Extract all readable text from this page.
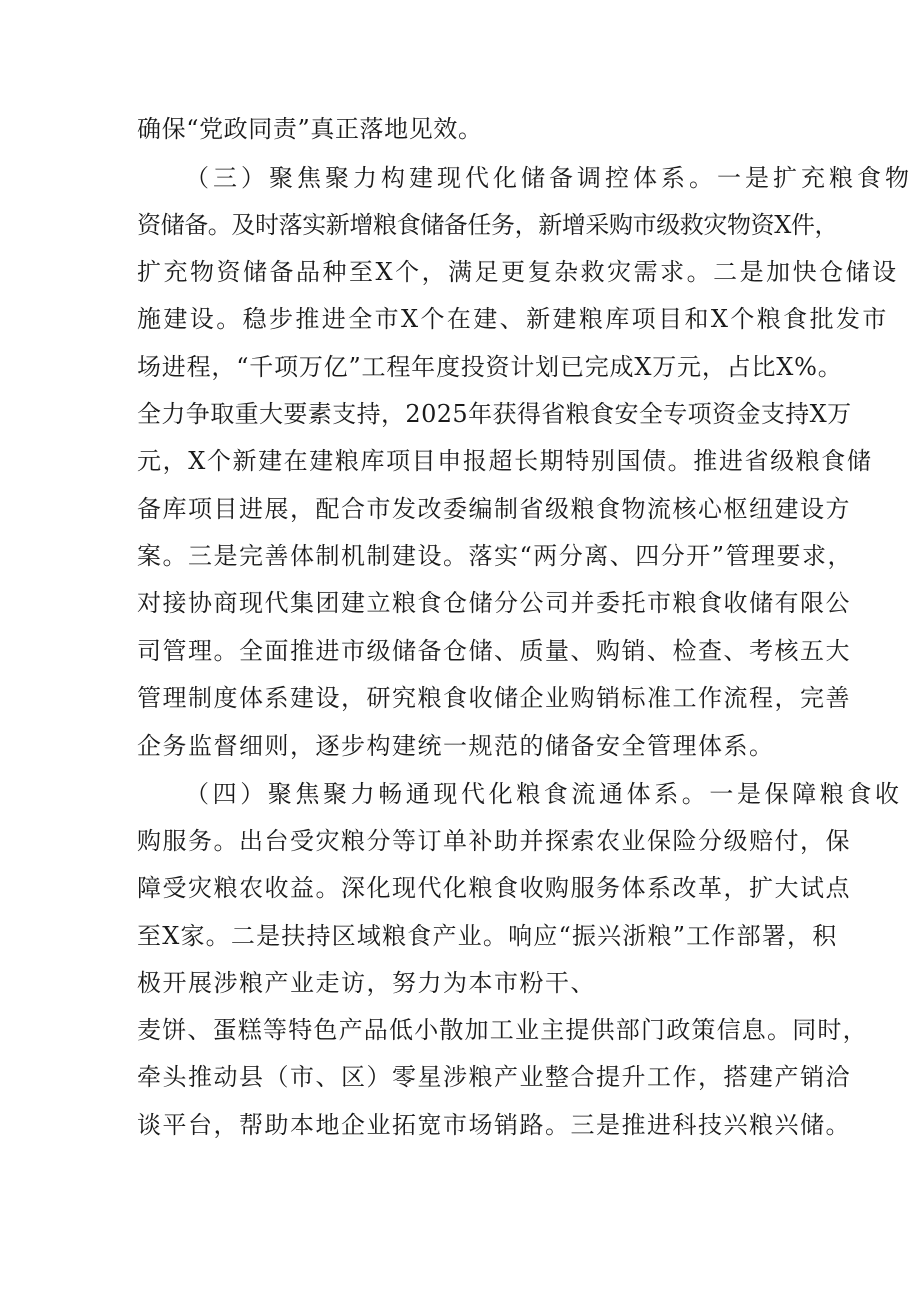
确保“党政同责”真正落地见效。

（三）聚焦聚力构建现代化储备调控体系。一是扩充粮食物

资储备。及时落实新增粮食储备任务，新增采购市级救灾物资X件，

扩充物资储备品种至X个，满足更复杂救灾需求。二是加快仓储设

施建设。稳步推进全市X个在建、新建粮库项目和X个粮食批发市

场进程，“千项万亿”工程年度投资计划已完成X万元，占比X%。

全力争取重大要素支持，2025年获得省粮食安全专项资金支持X万

元，X个新建在建粮库项目申报超长期特别国债。推进省级粮食储

备库项目进展，配合市发改委编制省级粮食物流核心枢纽建设方

案。三是完善体制机制建设。落实“两分离、四分开”管理要求，

对接协商现代集团建立粮食仓储分公司并委托市粮食收储有限公

司管理。全面推进市级储备仓储、质量、购销、检查、考核五大

管理制度体系建设，研究粮食收储企业购销标准工作流程，完善

企务监督细则，逐步构建统一规范的储备安全管理体系。

（四）聚焦聚力畅通现代化粮食流通体系。一是保障粮食收

购服务。出台受灾粮分等订单补助并探索农业保险分级赔付，保

障受灾粮农收益。深化现代化粮食收购服务体系改革，扩大试点

至X家。二是扶持区域粮食产业。响应“振兴浙粮”工作部署，积

极开展涉粮产业走访，努力为本市粉干、

麦饼、蛋糕等特色产品低小散加工业主提供部门政策信息。同时，

牵头推动县（市、区）零星涉粮产业整合提升工作，搭建产销洽

谈平台，帮助本地企业拓宽市场销路。三是推进科技兴粮兴储。
